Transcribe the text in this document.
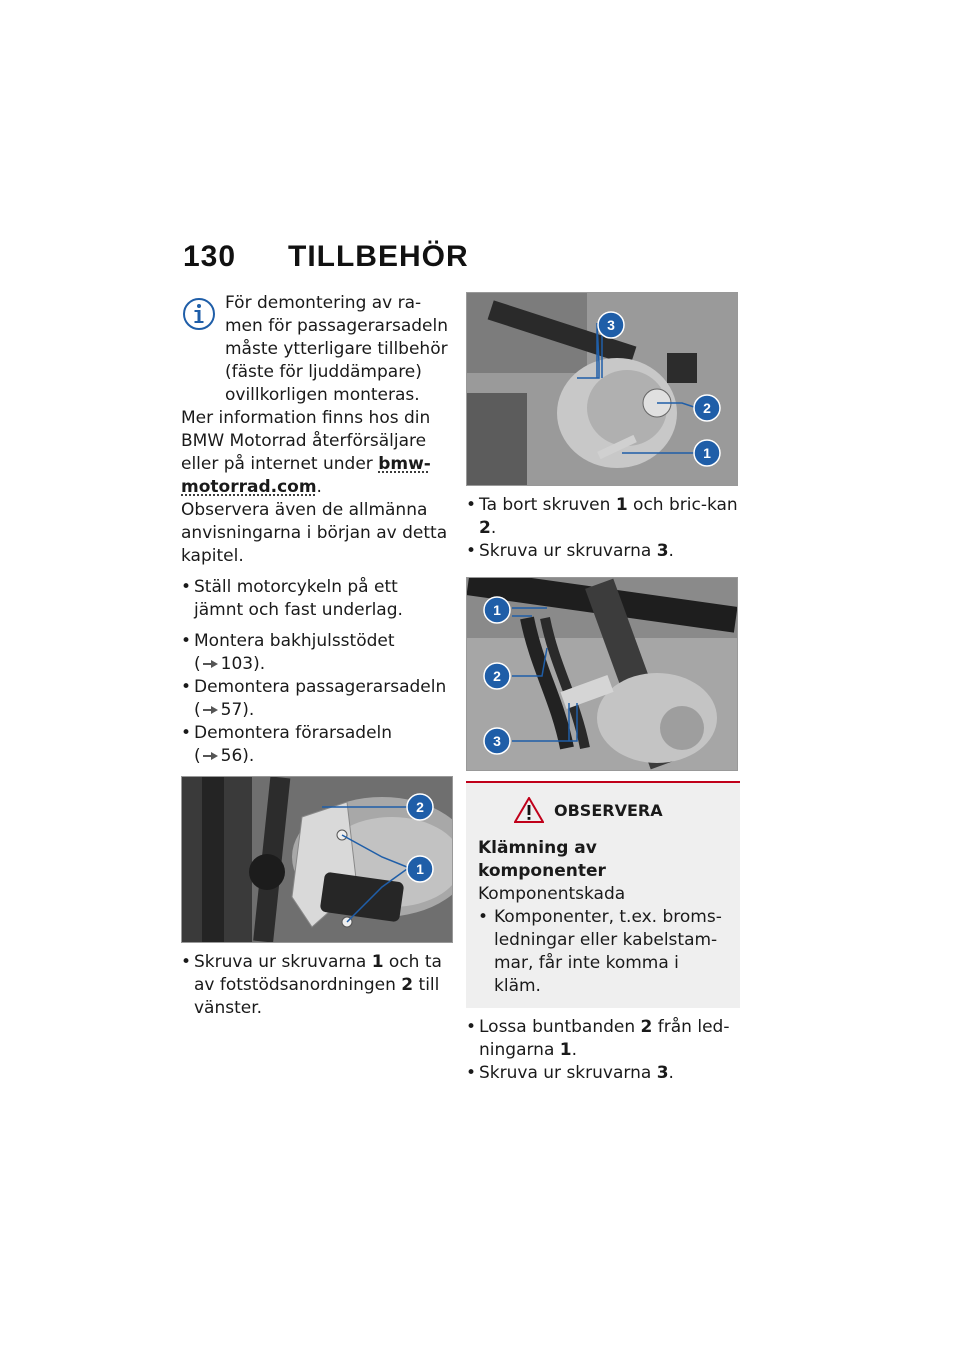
130 TILLBEHÖR

För demontering av ra-men för passagerarsadeln måste ytterligare tillbehör (fäste för ljuddämpare) ovillkorligen monteras.

Mer information finns hos din BMW Motorrad återförsäljare eller på internet under bmw-motorrad.com.

Observera även de allmänna anvisningarna i början av detta kapitel.

• Ställ motorcykeln på ett jämnt och fast underlag.
• Montera bakhjulsstödet
( 103).
• Demontera passagerarsadeln
( 57).
• Demontera förarsadeln
( 56).
2
1
• Skruva ur skruvarna 1 och ta av fotstödsanordningen 2 till vänster.
3
2
1
• Ta bort skruven 1 och bric-kan 2.
• Skruva ur skruvarna 3.
1
2
3
OBSERVERA
Klämning av komponenter
Komponentskada
• Komponenter, t.ex. broms-ledningar eller kabelstam-mar, får inte komma i kläm.
• Lossa buntbanden 2 från led-ningarna 1.
• Skruva ur skruvarna 3.
